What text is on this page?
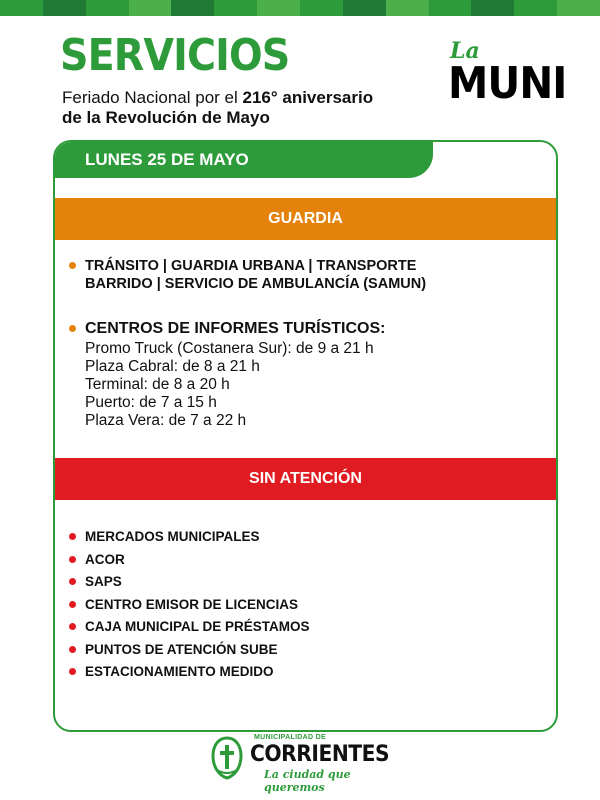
SERVICIOS
Feriado Nacional por el 216° aniversario
de la Revolución de Mayo
La
MUNI
LUNES 25 DE MAYO
GUARDIA
TRÁNSITO | GUARDIA URBANA | TRANSPORTE
BARRIDO | SERVICIO DE AMBULANCÍA (SAMUN)
CENTROS DE INFORMES TURÍSTICOS:
Promo Truck (Costanera Sur): de 9 a 21 h
Plaza Cabral: de 8 a 21 h
Terminal: de 8 a 20 h
Puerto: de 7 a 15 h
Plaza Vera: de 7 a 22 h
SIN ATENCIÓN
MERCADOS MUNICIPALES
ACOR
SAPS
CENTRO EMISOR DE LICENCIAS
CAJA MUNICIPAL DE PRÉSTAMOS
PUNTOS DE ATENCIÓN SUBE
ESTACIONAMIENTO MEDIDO
MUNICIPALIDAD DE
CORRIENTES
La ciudad que queremos
